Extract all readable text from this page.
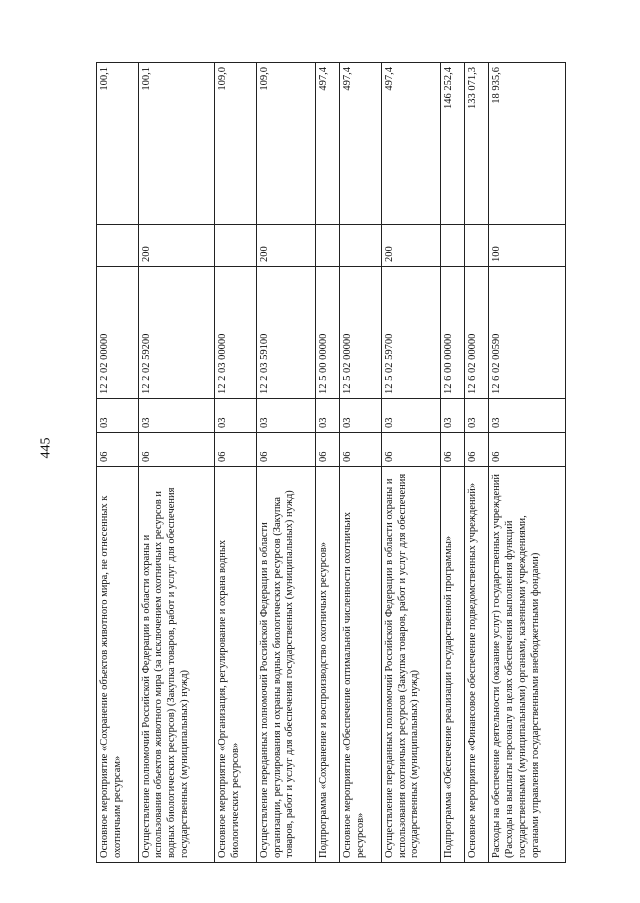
445
Основное мероприятие «Сохранение объектов животного мира, не отнесенных к охотничьим ресурсам»	06	03	12 2 02 00000		100,1
Осуществление полномочий Российской Федерации в области охраны и использования объектов животного мира (за исключением охотничьих ресурсов и водных биологических ресурсов) (Закупка товаров, работ и услуг для обеспечения государственных (муниципальных) нужд)	06	03	12 2 02 59200	200	100,1
Основное мероприятие «Организация, регулирование и охрана водных биологических ресурсов»	06	03	12 2 03 00000		109,0
Осуществление переданных полномочий Российской Федерации в области организации, регулирования и охраны водных биологических ресурсов (Закупка товаров, работ и услуг для обеспечения государственных (муниципальных) нужд)	06	03	12 2 03 59100	200	109,0
Подпрограмма «Сохранение и воспроизводство охотничьих ресурсов»	06	03	12 5 00 00000		497,4
Основное мероприятие «Обеспечение оптимальной численности охотничьих ресурсов»	06	03	12 5 02 00000		497,4
Осуществление переданных полномочий Российской Федерации в области охраны и использования охотничьих ресурсов (Закупка товаров, работ и услуг для обеспечения государственных (муниципальных) нужд)	06	03	12 5 02 59700	200	497,4
Подпрограмма «Обеспечение реализации государственной программы»	06	03	12 6 00 00000		146 252,4
Основное мероприятие «Финансовое обеспечение подведомственных учреждений»	06	03	12 6 02 00000		133 071,3
Расходы на обеспечение деятельности (оказание услуг) государственных учреждений (Расходы на выплаты персоналу в целях обеспечения выполнения функций государственными (муниципальными) органами, казенными учреждениями, органами управления государственными внебюджетными фондами)	06	03	12 6 02 00590	100	18 935,6
